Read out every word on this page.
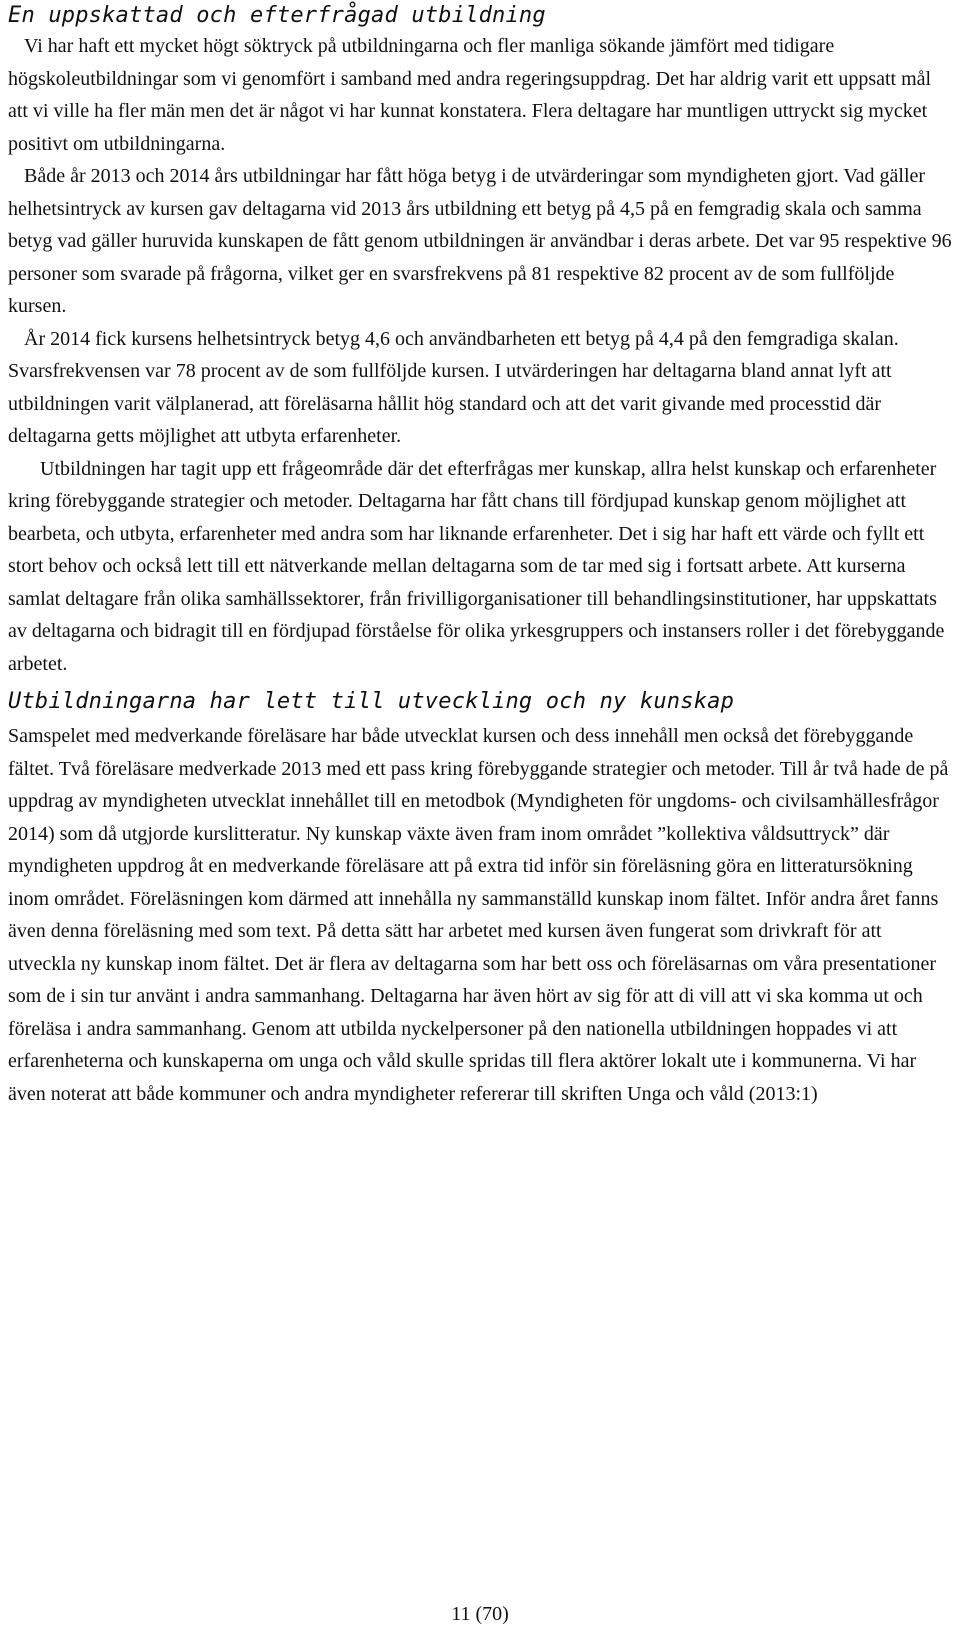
En uppskattad och efterfrågad utbildning

Vi har haft ett mycket högt söktryck på utbildningarna och fler manliga sökande jämfört med tidigare högskoleutbildningar som vi genomfört i samband med andra regeringsuppdrag. Det har aldrig varit ett uppsatt mål att vi ville ha fler män men det är något vi har kunnat konstatera. Flera deltagare har muntligen uttryckt sig mycket positivt om utbildningarna.

Både år 2013 och 2014 års utbildningar har fått höga betyg i de utvärderingar som myndigheten gjort. Vad gäller helhetsintryck av kursen gav deltagarna vid 2013 års utbildning ett betyg på 4,5 på en femgradig skala och samma betyg vad gäller huruvida kunskapen de fått genom utbildningen är användbar i deras arbete. Det var 95 respektive 96 personer som svarade på frågorna, vilket ger en svarsfrekvens på 81 respektive 82 procent av de som fullföljde kursen.

År 2014 fick kursens helhetsintryck betyg 4,6 och användbarheten ett betyg på 4,4 på den femgradiga skalan. Svarsfrekvensen var 78 procent av de som fullföljde kursen. I utvärderingen har deltagarna bland annat lyft att utbildningen varit välplanerad, att föreläsarna hållit hög standard och att det varit givande med processtid där deltagarna getts möjlighet att utbyta erfarenheter.

Utbildningen har tagit upp ett frågeområde där det efterfrågas mer kunskap, allra helst kunskap och erfarenheter kring förebyggande strategier och metoder. Deltagarna har fått chans till fördjupad kunskap genom möjlighet att bearbeta, och utbyta, erfarenheter med andra som har liknande erfarenheter. Det i sig har haft ett värde och fyllt ett stort behov och också lett till ett nätverkande mellan deltagarna som de tar med sig i fortsatt arbete. Att kurserna samlat deltagare från olika samhällssektorer, från frivilligorganisationer till behandlingsinstitutioner, har uppskattats av deltagarna och bidragit till en fördjupad förståelse för olika yrkesgruppers och instansers roller i det förebyggande arbetet.

Utbildningarna har lett till utveckling och ny kunskap

Samspelet med medverkande föreläsare har både utvecklat kursen och dess innehåll men också det förebyggande fältet. Två föreläsare medverkade 2013 med ett pass kring förebyggande strategier och metoder. Till år två hade de på uppdrag av myndigheten utvecklat innehållet till en metodbok (Myndigheten för ungdoms- och civilsamhällesfrågor 2014) som då utgjorde kurslitteratur. Ny kunskap växte även fram inom området ”kollektiva våldsuttryck” där myndigheten uppdrog åt en medverkande föreläsare att på extra tid inför sin föreläsning göra en litteratursökning inom området. Föreläsningen kom därmed att innehålla ny sammanställd kunskap inom fältet. Inför andra året fanns även denna föreläsning med som text. På detta sätt har arbetet med kursen även fungerat som drivkraft för att utveckla ny kunskap inom fältet. Det är flera av deltagarna som har bett oss och föreläsarnas om våra presentationer som de i sin tur använt i andra sammanhang. Deltagarna har även hört av sig för att di vill att vi ska komma ut och föreläsa i andra sammanhang. Genom att utbilda nyckelpersoner på den nationella utbildningen hoppades vi att erfarenheterna och kunskaperna om unga och våld skulle spridas till flera aktörer lokalt ute i kommunerna. Vi har även noterat att både kommuner och andra myndigheter refererar till skriften Unga och våld (2013:1)

11 (70)
